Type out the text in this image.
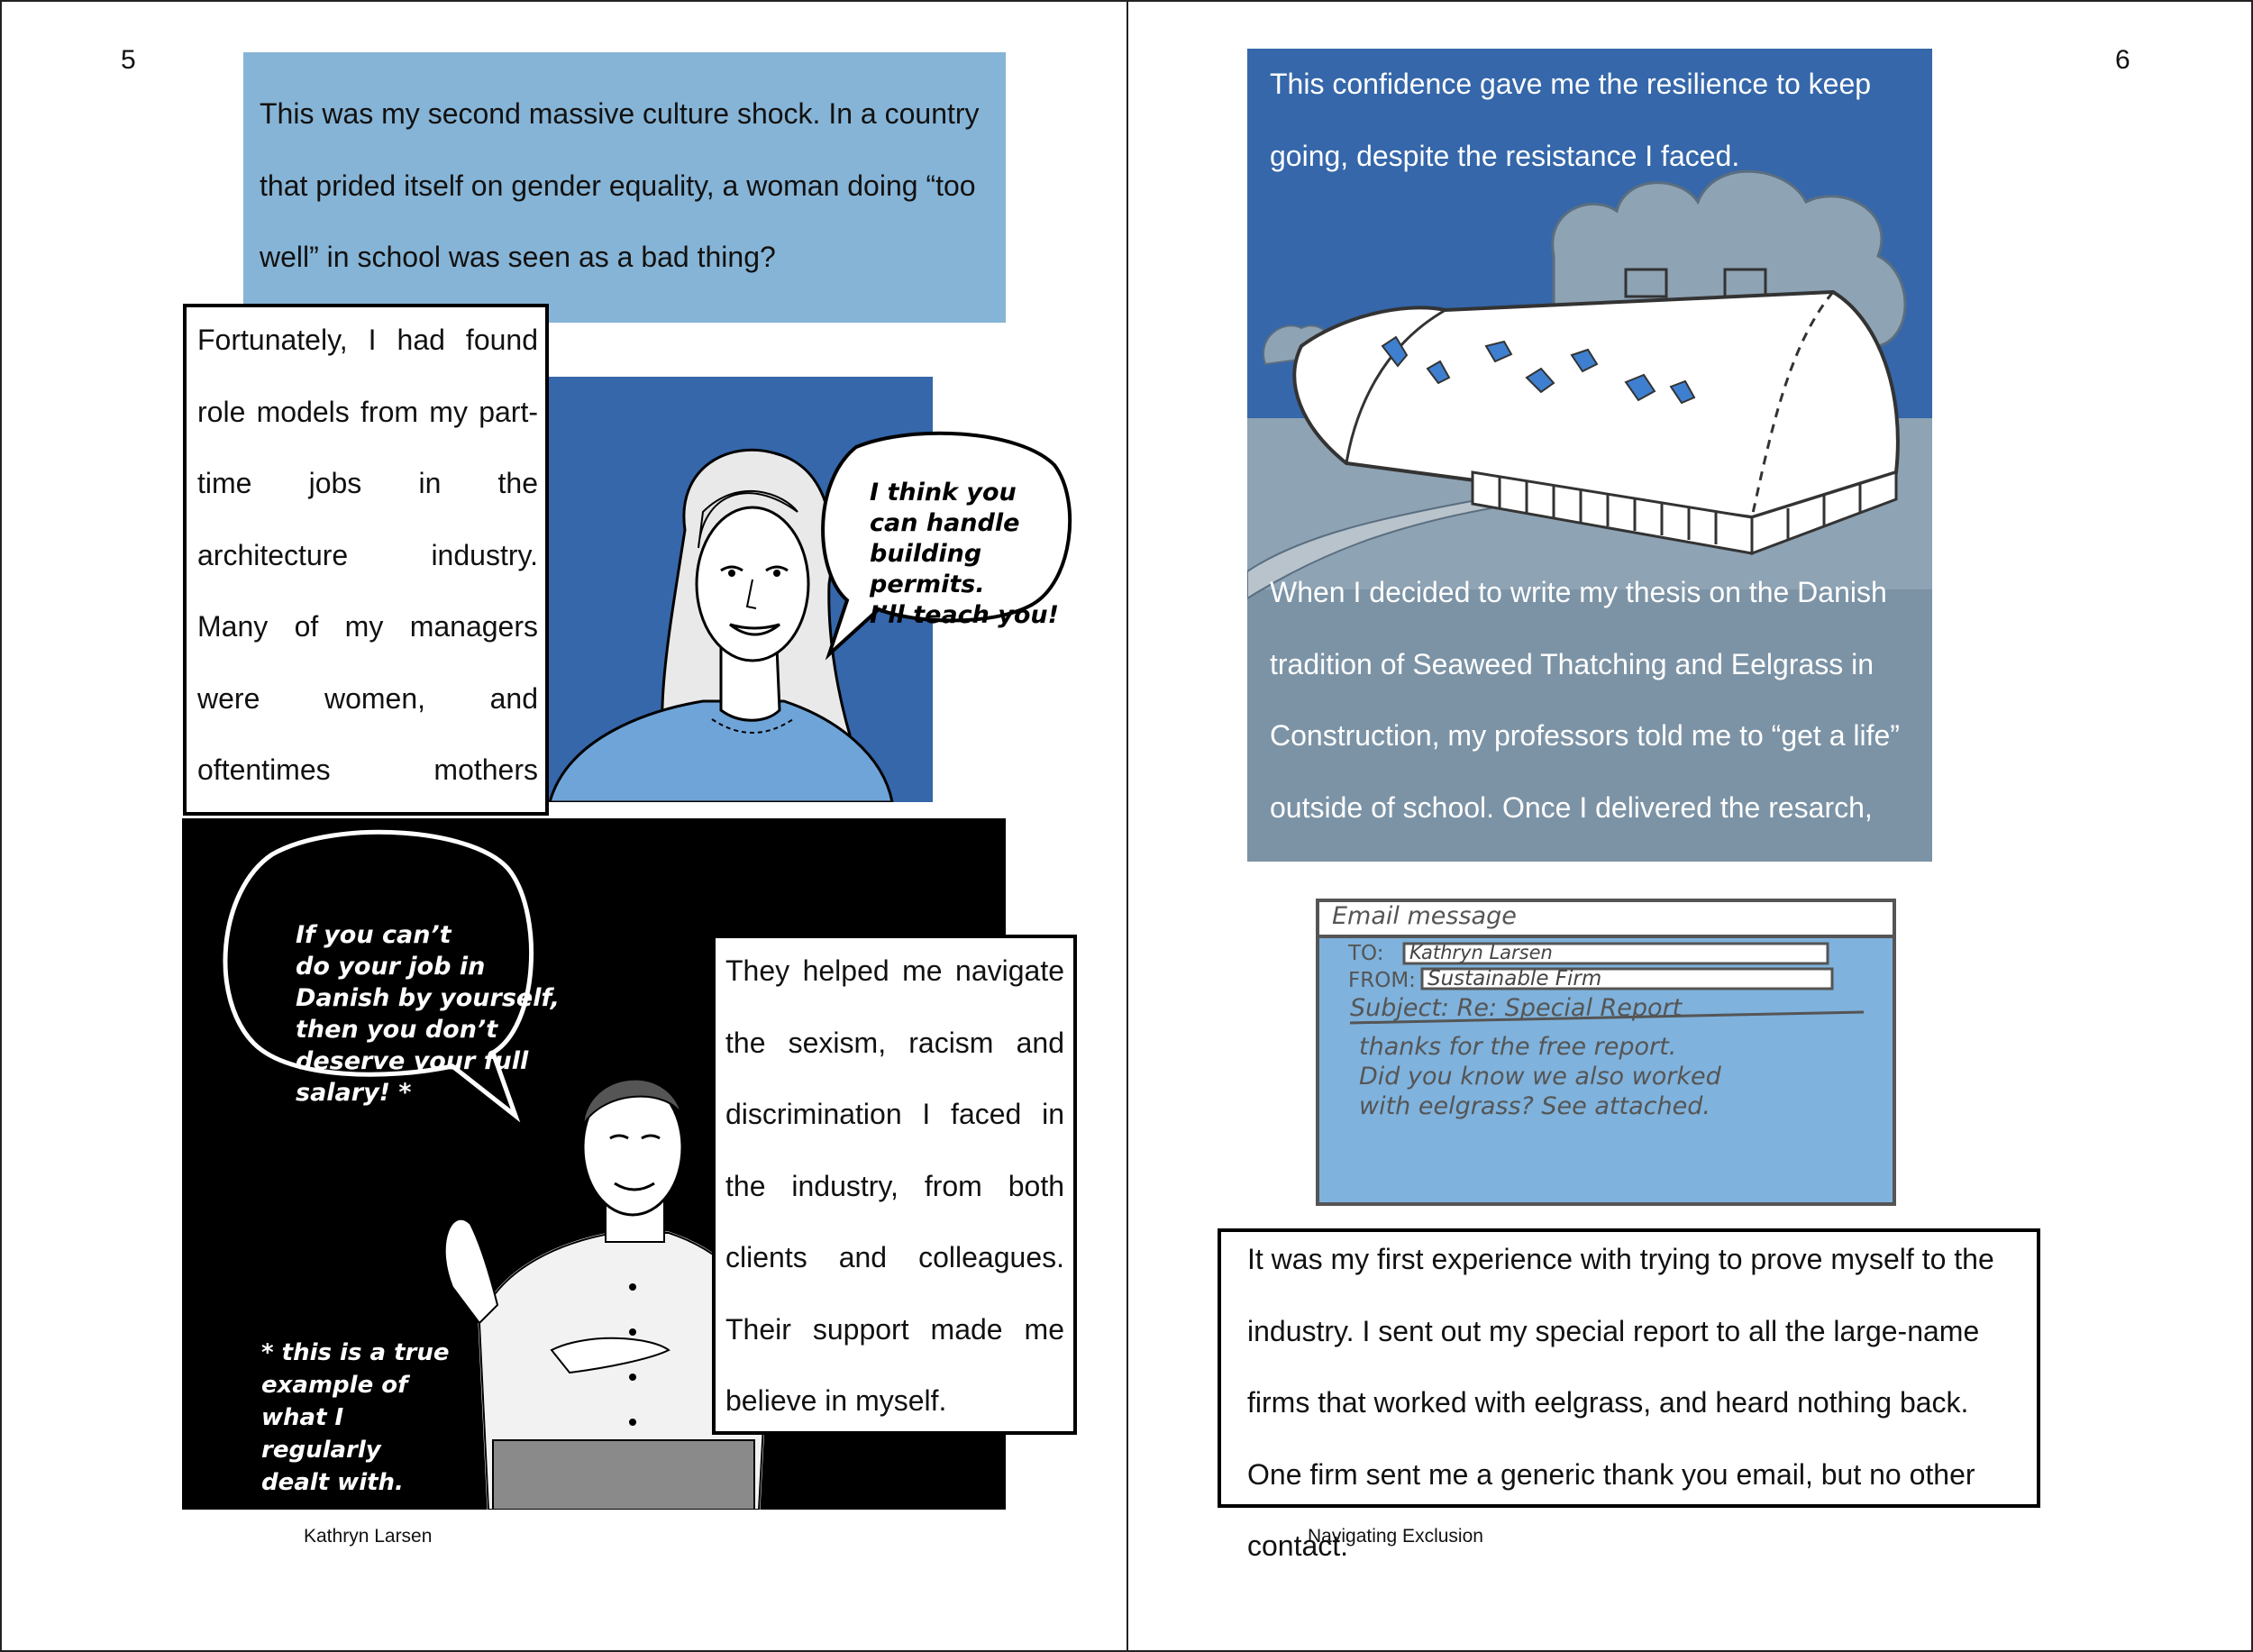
5
This was my second massive culture shock. In a country that prided itself on gender equality, a woman doing “too well” in school was seen as a bad thing?
I think you
can handle
building permits.
I’ll teach you!
Fortunately, I had found role models from my part-time jobs in the architecture industry. Many of my managers were women, and oftentimes mothers
If you can’t
do your job in
Danish by yourself,
then you don’t
deserve your full
salary! *
* this is a true
example of
what I regularly
dealt with.
They helped me navigate the sexism, racism and discrimination I faced in the industry, from both clients and colleagues. Their support made me believe in myself.
Kathryn Larsen
6
This confidence gave me the resilience to keep going, despite the resistance I faced.
When I decided to write my thesis on the Danish tradition of Seaweed Thatching and Eelgrass in Construction, my professors told me to “get a life” outside of school. Once I delivered the resarch, they awarded me a bursary prize.
Email message
TO: Kathryn Larsen
FROM: Sustainable Firm
Subject: Re: Special Report
thanks for the free report.
Did you know we also worked
with eelgrass? See attached.
It was my first experience with trying to prove myself to the industry. I sent out my special report to all the large-name firms that worked with eelgrass, and heard nothing back. One firm sent me a generic thank you email, but no other contact.
Navigating Exclusion
